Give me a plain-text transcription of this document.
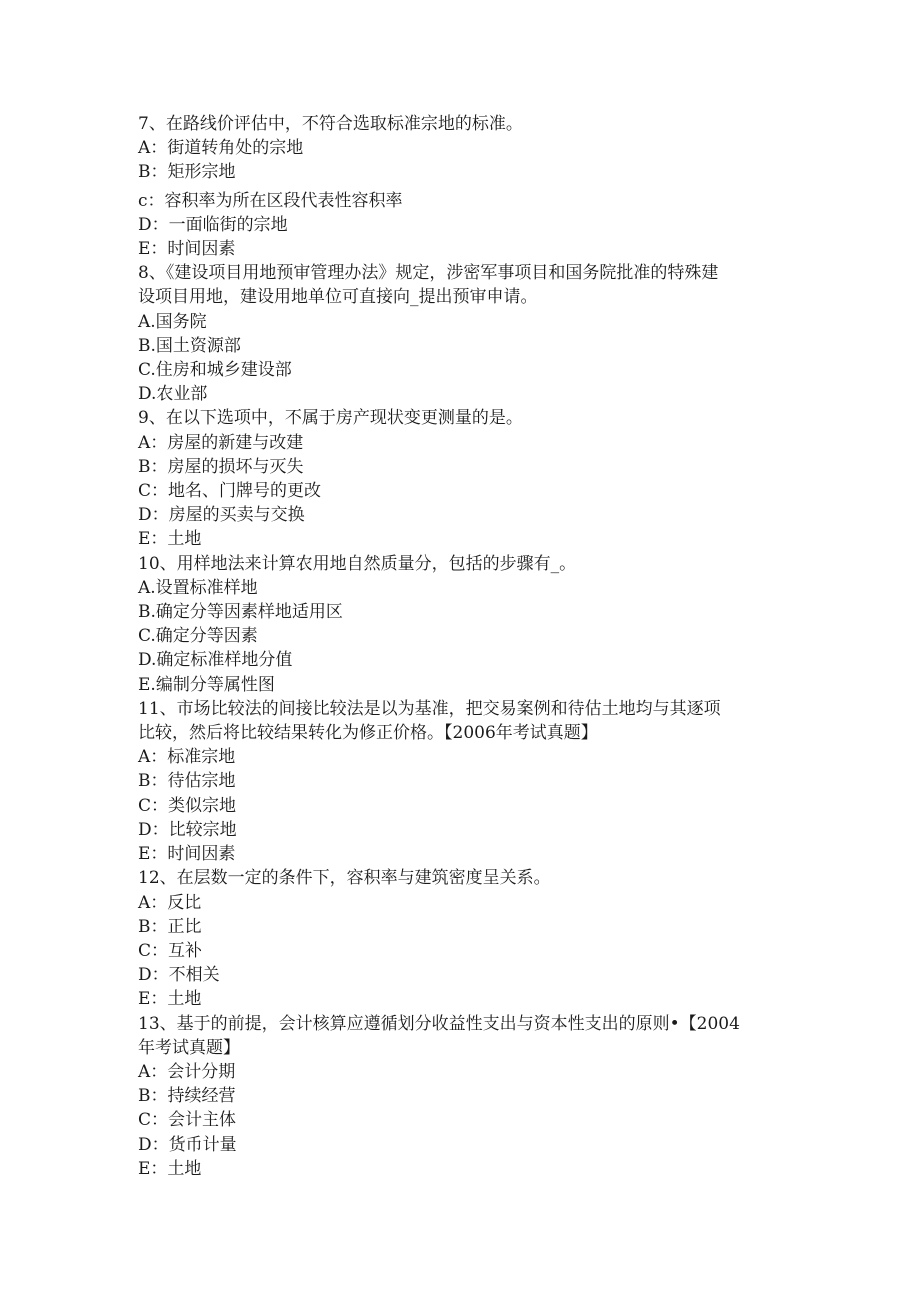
7、在路线价评估中，不符合选取标准宗地的标准。
A：街道转角处的宗地
B：矩形宗地
c：容积率为所在区段代表性容积率
D：一面临街的宗地
E：时间因素
8、《建设项目用地预审管理办法》规定，涉密军事项目和国务院批准的特殊建
设项目用地，建设用地单位可直接向_提出预审申请。
A.国务院
B.国土资源部
C.住房和城乡建设部
D.农业部
9、在以下选项中，不属于房产现状变更测量的是。
A：房屋的新建与改建
B：房屋的损坏与灭失
C：地名、门牌号的更改
D：房屋的买卖与交换
E：土地
10、用样地法来计算农用地自然质量分，包括的步骤有_。
A.设置标准样地
B.确定分等因素样地适用区
C.确定分等因素
D.确定标准样地分值
E.编制分等属性图
11、市场比较法的间接比较法是以为基准，把交易案例和待估土地均与其逐项
比较，然后将比较结果转化为修正价格。【2006年考试真题】
A：标准宗地
B：待估宗地
C：类似宗地
D：比较宗地
E：时间因素
12、在层数一定的条件下，容积率与建筑密度呈关系。
A：反比
B：正比
C：互补
D：不相关
E：土地
13、基于的前提，会计核算应遵循划分收益性支出与资本性支出的原则•【2004
年考试真题】
A：会计分期
B：持续经营
C：会计主体
D：货币计量
E：土地
